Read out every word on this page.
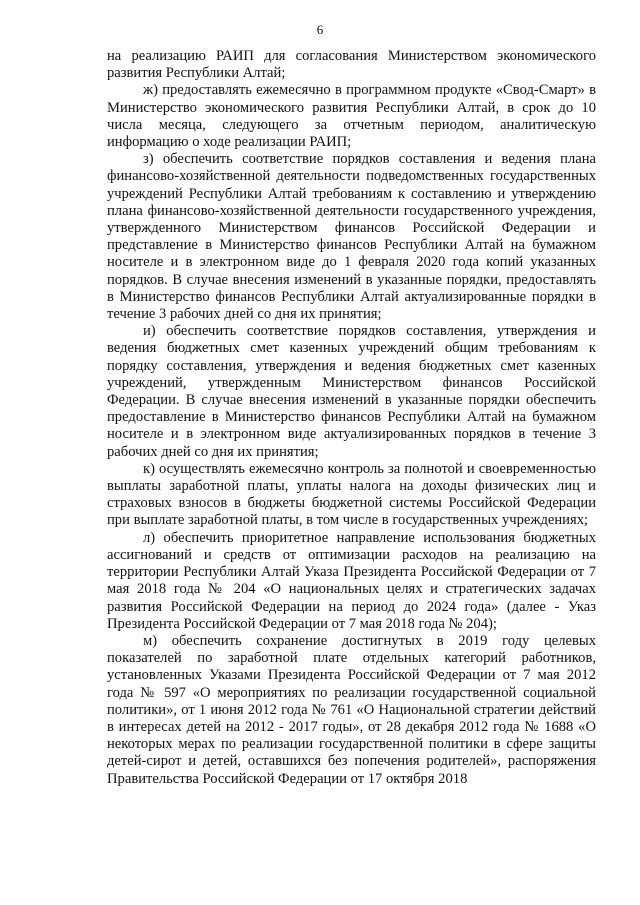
6

на реализацию РАИП для согласования Министерством экономического развития Республики Алтай;

ж) предоставлять ежемесячно в программном продукте «Свод-Смарт» в Министерство экономического развития Республики Алтай, в срок до 10 числа месяца, следующего за отчетным периодом, аналитическую информацию о ходе реализации РАИП;

з) обеспечить соответствие порядков составления и ведения плана финансово-хозяйственной деятельности подведомственных государственных учреждений Республики Алтай требованиям к составлению и утверждению плана финансово-хозяйственной деятельности государственного учреждения, утвержденного Министерством финансов Российской Федерации и представление в Министерство финансов Республики Алтай на бумажном носителе и в электронном виде до 1 февраля 2020 года копий указанных порядков. В случае внесения изменений в указанные порядки, предоставлять в Министерство финансов Республики Алтай актуализированные порядки в течение 3 рабочих дней со дня их принятия;

и) обеспечить соответствие порядков составления, утверждения и ведения бюджетных смет казенных учреждений общим требованиям к порядку составления, утверждения и ведения бюджетных смет казенных учреждений, утвержденным Министерством финансов Российской Федерации. В случае внесения изменений в указанные порядки обеспечить предоставление в Министерство финансов Республики Алтай на бумажном носителе и в электронном виде актуализированных порядков в течение 3 рабочих дней со дня их принятия;

к) осуществлять ежемесячно контроль за полнотой и своевременностью выплаты заработной платы, уплаты налога на доходы физических лиц и страховых взносов в бюджеты бюджетной системы Российской Федерации при выплате заработной платы, в том числе в государственных учреждениях;

л) обеспечить приоритетное направление использования бюджетных ассигнований и средств от оптимизации расходов на реализацию на территории Республики Алтай Указа Президента Российской Федерации от 7 мая 2018 года № 204 «О национальных целях и стратегических задачах развития Российской Федерации на период до 2024 года» (далее - Указ Президента Российской Федерации от 7 мая 2018 года № 204);

м) обеспечить сохранение достигнутых в 2019 году целевых показателей по заработной плате отдельных категорий работников, установленных Указами Президента Российской Федерации от 7 мая 2012 года № 597 «О мероприятиях по реализации государственной социальной политики», от 1 июня 2012 года № 761 «О Национальной стратегии действий в интересах детей на 2012 - 2017 годы», от 28 декабря 2012 года № 1688 «О некоторых мерах по реализации государственной политики в сфере защиты детей-сирот и детей, оставшихся без попечения родителей», распоряжения Правительства Российской Федерации от 17 октября 2018
